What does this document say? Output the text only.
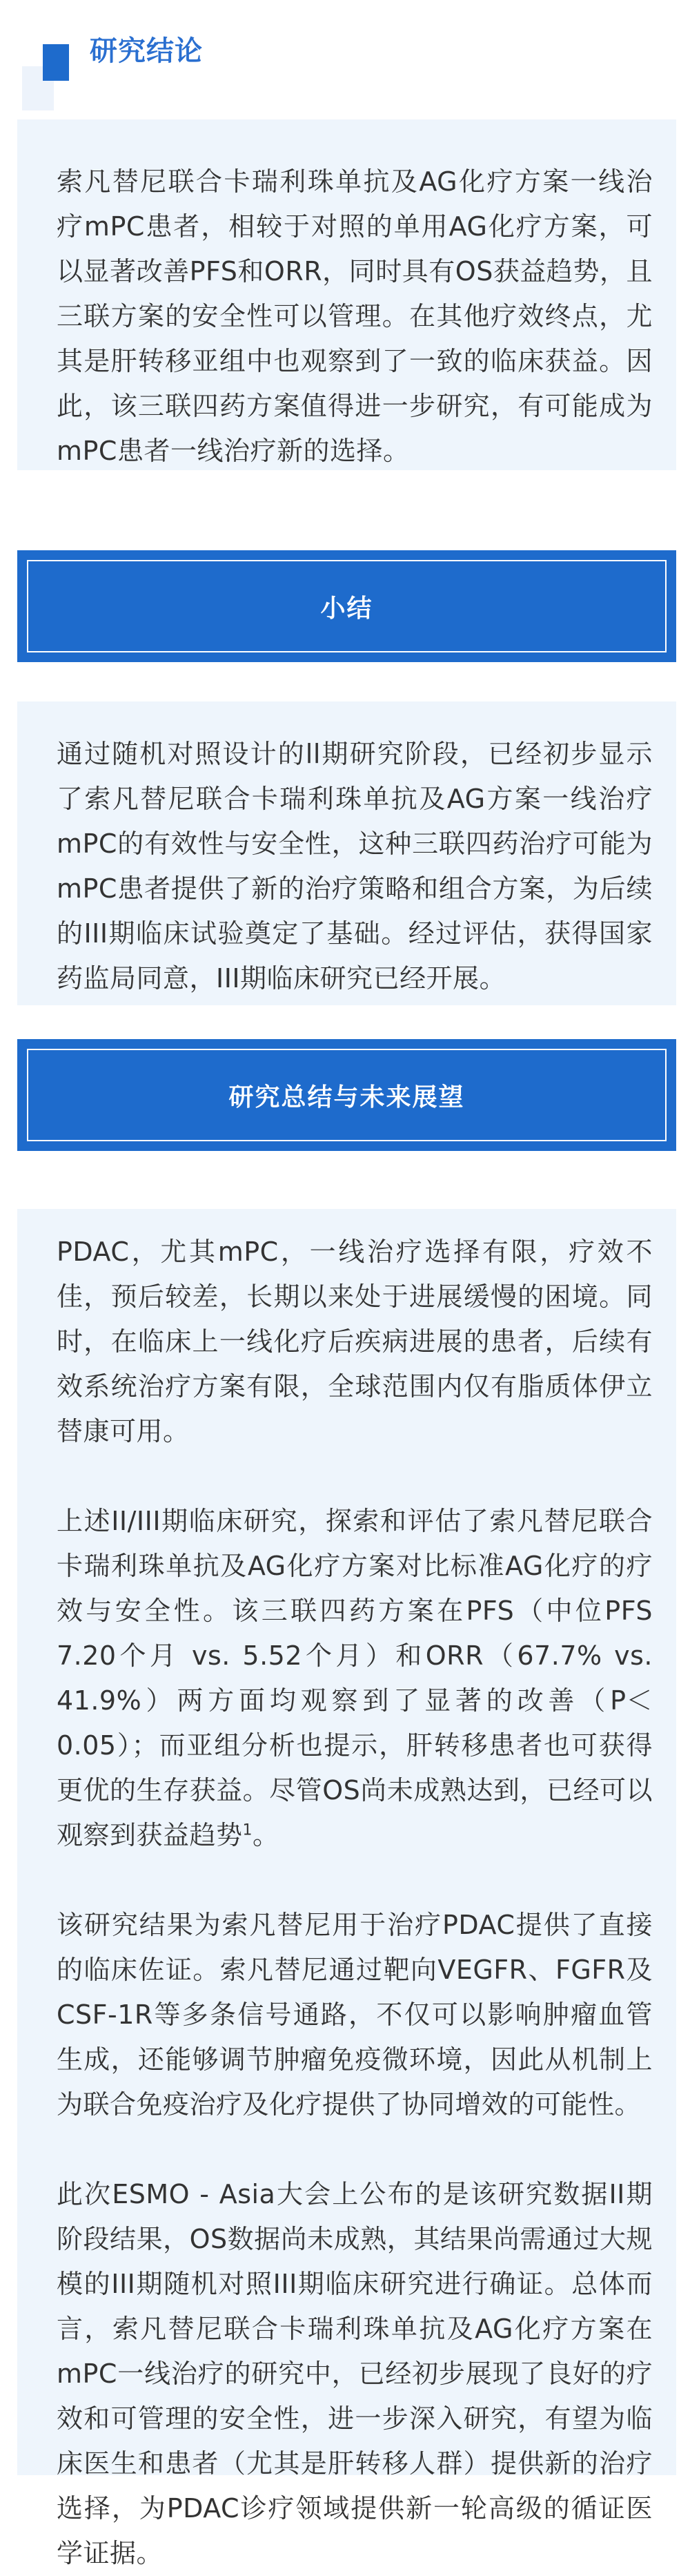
研究结论

索凡替尼联合卡瑞利珠单抗及AG化疗方案一线治疗mPC患者，相较于对照的单用AG化疗方案，可以显著改善PFS和ORR，同时具有OS获益趋势，且三联方案的安全性可以管理。在其他疗效终点，尤其是肝转移亚组中也观察到了一致的临床获益。因此，该三联四药方案值得进一步研究，有可能成为mPC患者一线治疗新的选择。

小结

通过随机对照设计的ll期研究阶段，已经初步显示了索凡替尼联合卡瑞利珠单抗及AG方案一线治疗mPC的有效性与安全性，这种三联四药治疗可能为mPC患者提供了新的治疗策略和组合方案，为后续的III期临床试验奠定了基础。经过评估，获得国家药监局同意，III期临床研究已经开展。

研究总结与未来展望

PDAC，尤其mPC，一线治疗选择有限，疗效不佳，预后较差，长期以来处于进展缓慢的困境。同时，在临床上一线化疗后疾病进展的患者，后续有效系统治疗方案有限，全球范围内仅有脂质体伊立替康可用。

上述II/III期临床研究，探索和评估了索凡替尼联合卡瑞利珠单抗及AG化疗方案对比标准AG化疗的疗效与安全性。该三联四药方案在PFS（中位PFS 7.20个月 vs. 5.52个月）和ORR（67.7% vs. 41.9%）两方面均观察到了显著的改善（P＜0.05）；而亚组分析也提示，肝转移患者也可获得更优的生存获益。尽管OS尚未成熟达到，已经可以观察到获益趋势$^1$。

该研究结果为索凡替尼用于治疗PDAC提供了直接的临床佐证。索凡替尼通过靶向VEGFR、FGFR及CSF-1R等多条信号通路，不仅可以影响肿瘤血管生成，还能够调节肿瘤免疫微环境，因此从机制上为联合免疫治疗及化疗提供了协同增效的可能性。

此次ESMO - Asia大会上公布的是该研究数据II期阶段结果，OS数据尚未成熟，其结果尚需通过大规模的III期随机对照III期临床研究进行确证。总体而言，索凡替尼联合卡瑞利珠单抗及AG化疗方案在mPC一线治疗的研究中，已经初步展现了良好的疗效和可管理的安全性，进一步深入研究，有望为临床医生和患者（尤其是肝转移人群）提供新的治疗选择，为PDAC诊疗领域提供新一轮高级的循证医学证据。
